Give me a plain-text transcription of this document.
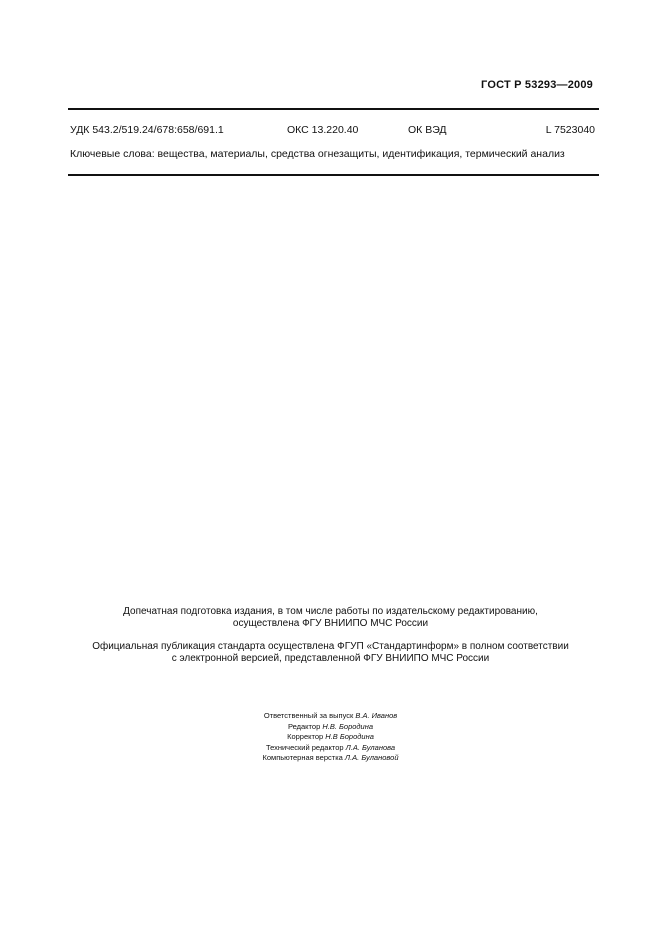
ГОСТ Р 53293—2009
УДК 543.2/519.24/678:658/691.1	ОКС 13.220.40	ОК ВЭД	L 7523040
Ключевые слова: вещества, материалы, средства огнезащиты, идентификация, термический анализ
Допечатная подготовка издания, в том числе работы по издательскому редактированию,
осуществлена ФГУ ВНИИПО МЧС России
Официальная публикация стандарта осуществлена ФГУП «Стандартинформ» в полном соответствии
с электронной версией, представленной ФГУ ВНИИПО МЧС России
Ответственный за выпуск В.А. Иванов
Редактор Н.В. Бородина
Корректор Н.В Бородина
Технический редактор Л.А. Буланова
Компьютерная верстка Л.А. Булановой
